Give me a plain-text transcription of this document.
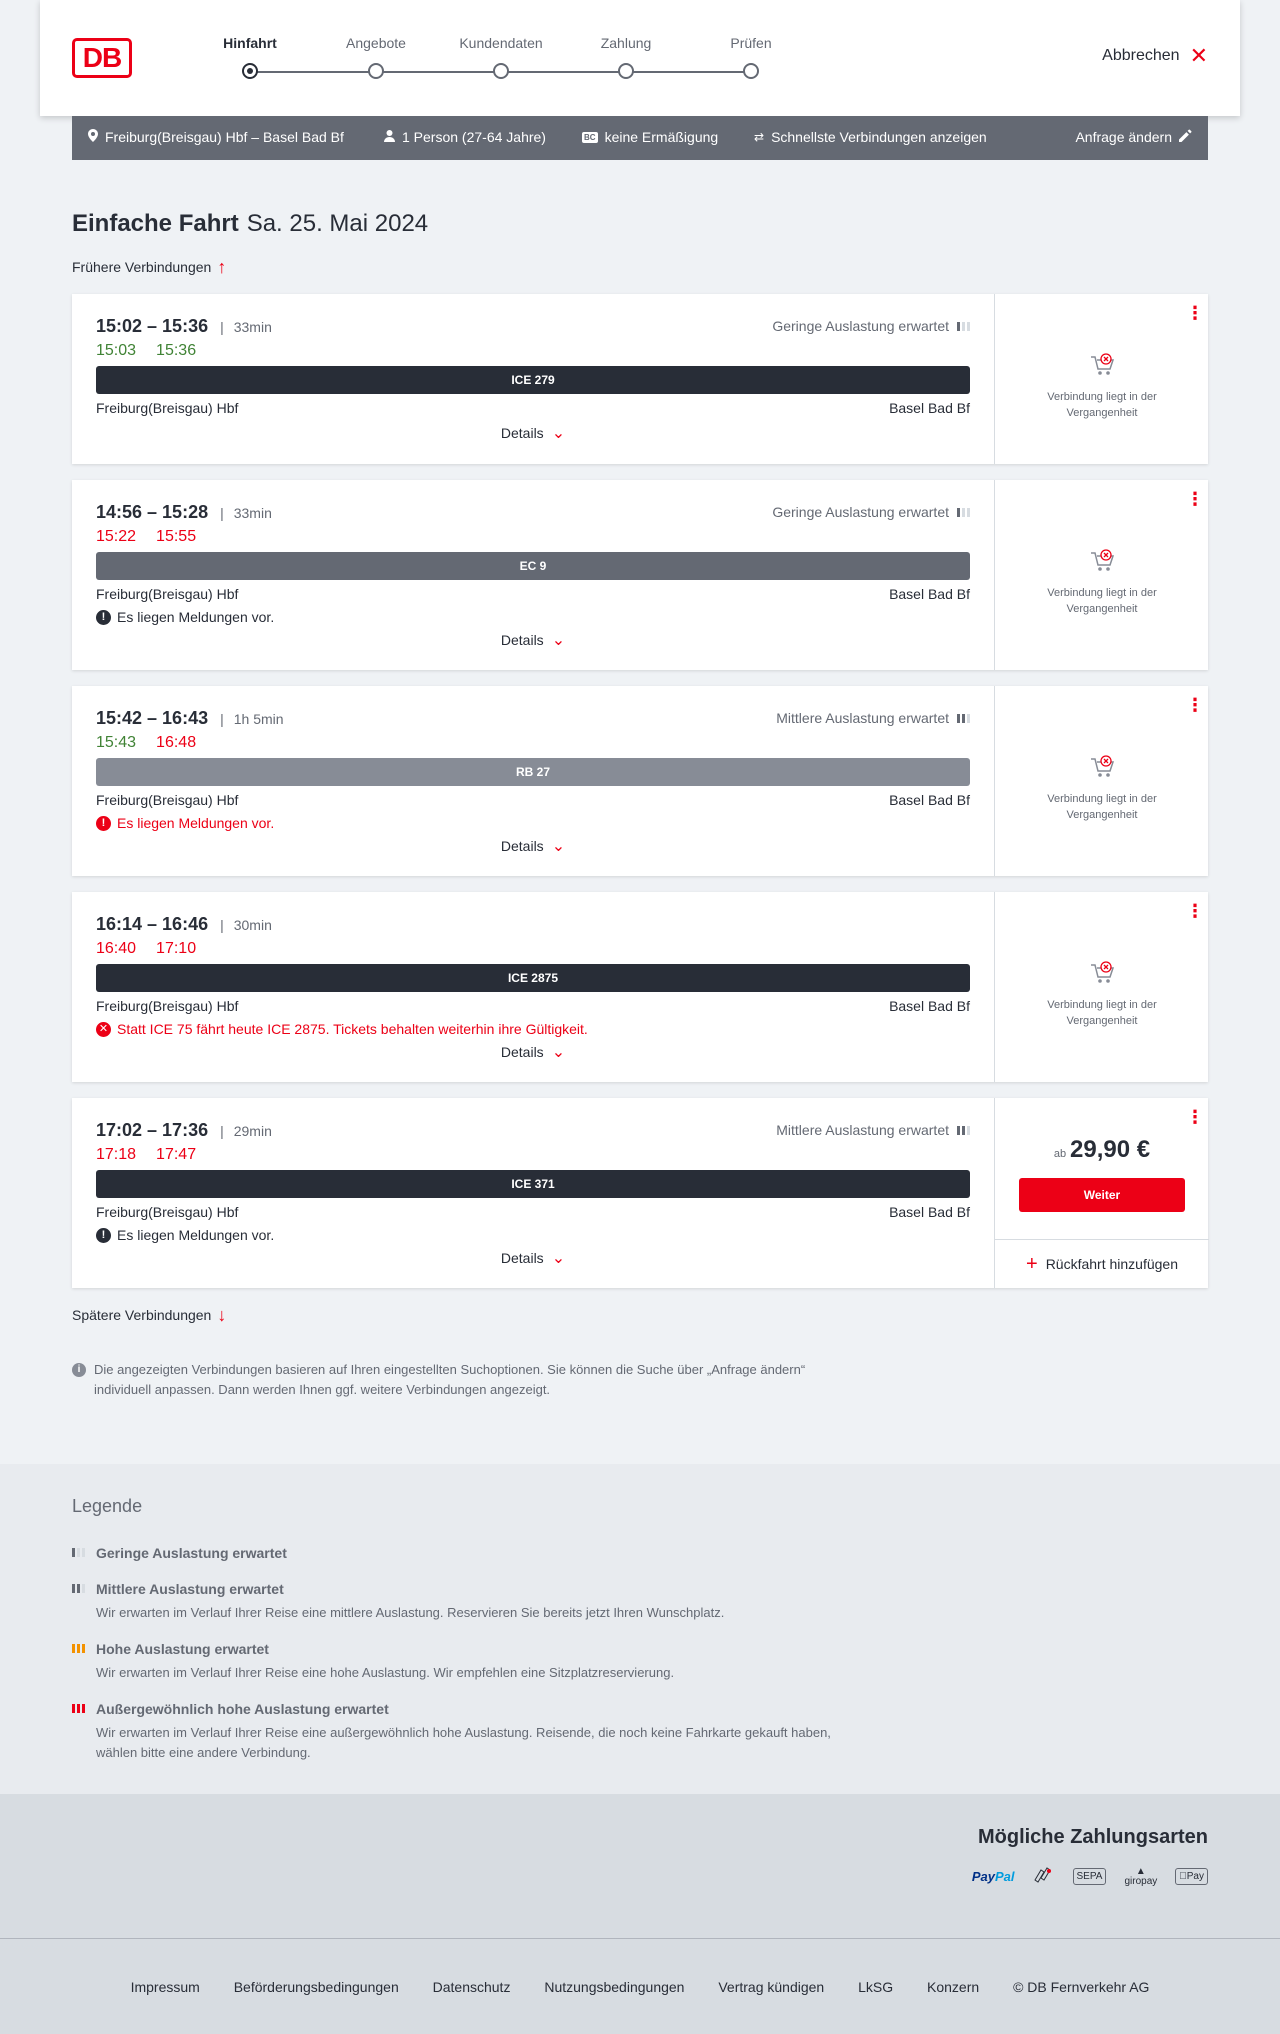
DB	Hinfahrt	Angebote	Kundendaten	Zahlung	Prüfen
Abbrechen ✕
Freiburg(Breisgau) Hbf – Basel Bad Bf	1 Person (27-64 Jahre)	BC keine Ermäßigung	⇄ Schnellste Verbindungen anzeigen	Anfrage ändern
Einfache Fahrt Sa. 25. Mai 2024
Frühere Verbindungen ↑
15:02 – 15:36 | 33min
15:03 15:36
Geringe Auslastung erwartet
ICE 279
Freiburg(Breisgau) Hbf	Basel Bad Bf
Details ⌄
⋮
Verbindung liegt in der
Vergangenheit
14:56 – 15:28 | 33min
15:22 15:55
Geringe Auslastung erwartet
EC 9
Freiburg(Breisgau) Hbf	Basel Bad Bf
! Es liegen Meldungen vor.
Details ⌄
⋮
Verbindung liegt in der
Vergangenheit
15:42 – 16:43 | 1h 5min
15:43 16:48
Mittlere Auslastung erwartet
RB 27
Freiburg(Breisgau) Hbf	Basel Bad Bf
! Es liegen Meldungen vor.
Details ⌄
⋮
Verbindung liegt in der
Vergangenheit
16:14 – 16:46 | 30min
16:40 17:10
ICE 2875
Freiburg(Breisgau) Hbf	Basel Bad Bf
✕ Statt ICE 75 fährt heute ICE 2875. Tickets behalten weiterhin ihre Gültigkeit.
Details ⌄
⋮
Verbindung liegt in der
Vergangenheit
17:02 – 17:36 | 29min
17:18 17:47
Mittlere Auslastung erwartet
ICE 371
Freiburg(Breisgau) Hbf	Basel Bad Bf
! Es liegen Meldungen vor.
Details ⌄
⋮
ab 29,90 €
Weiter
+ Rückfahrt hinzufügen
Spätere Verbindungen ↓
i	Die angezeigten Verbindungen basieren auf Ihren eingestellten Suchoptionen. Sie können die Suche über „Anfrage ändern“ individuell anpassen. Dann werden Ihnen ggf. weitere Verbindungen angezeigt.
Legende
Geringe Auslastung erwartet
Mittlere Auslastung erwartet
Wir erwarten im Verlauf Ihrer Reise eine mittlere Auslastung. Reservieren Sie bereits jetzt Ihren Wunschplatz.
Hohe Auslastung erwartet
Wir erwarten im Verlauf Ihrer Reise eine hohe Auslastung. Wir empfehlen eine Sitzplatzreservierung.
Außergewöhnlich hohe Auslastung erwartet
Wir erwarten im Verlauf Ihrer Reise eine außergewöhnlich hohe Auslastung. Reisende, die noch keine Fahrkarte gekauft haben, wählen bitte eine andere Verbindung.
Mögliche Zahlungsarten
PayPal	SEPA	▲
giropay	Pay
Impressum Beförderungsbedingungen Datenschutz Nutzungsbedingungen Vertrag kündigen LkSG Konzern © DB Fernverkehr AG
